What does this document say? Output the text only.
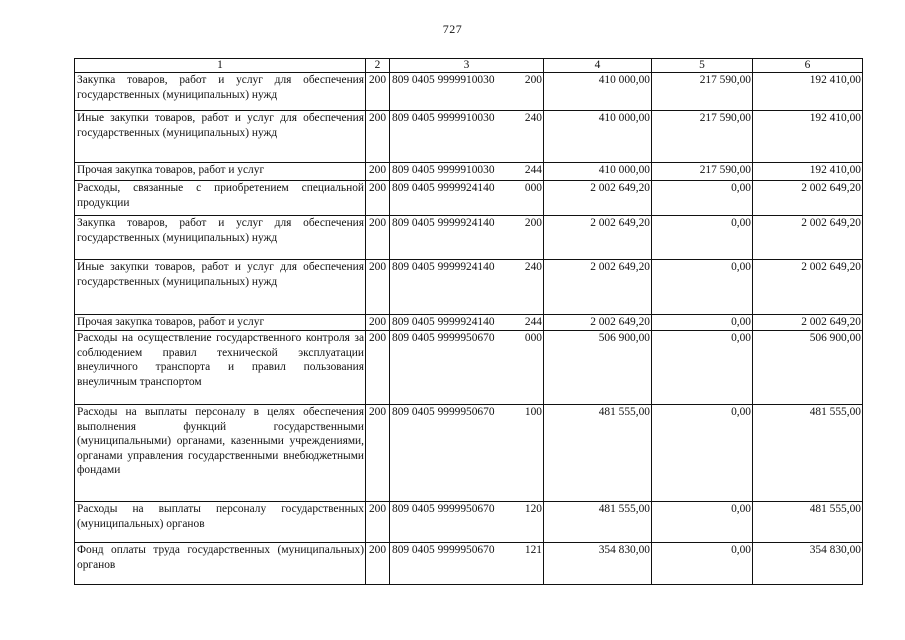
727
1	2	3	4	5	6
Закупка товаров, работ и услуг для обеспечения государственных (муниципальных) нужд	200	809 0405 9999910030 200	410 000,00	217 590,00	192 410,00
Иные закупки товаров, работ и услуг для обеспечения государственных (муниципальных) нужд	200	809 0405 9999910030 240	410 000,00	217 590,00	192 410,00
Прочая закупка товаров, работ и услуг	200	809 0405 9999910030 244	410 000,00	217 590,00	192 410,00
Расходы, связанные с приобретением специальной продукции	200	809 0405 9999924140 000	2 002 649,20	0,00	2 002 649,20
Закупка товаров, работ и услуг для обеспечения государственных (муниципальных) нужд	200	809 0405 9999924140 200	2 002 649,20	0,00	2 002 649,20
Иные закупки товаров, работ и услуг для обеспечения государственных (муниципальных) нужд	200	809 0405 9999924140 240	2 002 649,20	0,00	2 002 649,20
Прочая закупка товаров, работ и услуг	200	809 0405 9999924140 244	2 002 649,20	0,00	2 002 649,20
Расходы на осуществление государственного контроля за соблюдением правил технической эксплуатации внеуличного транспорта и правил пользования внеуличным транспортом	200	809 0405 9999950670 000	506 900,00	0,00	506 900,00
Расходы на выплаты персоналу в целях обеспечения выполнения функций государственными (муниципальными) органами, казенными учреждениями, органами управления государственными внебюджетными фондами	200	809 0405 9999950670 100	481 555,00	0,00	481 555,00
Расходы на выплаты персоналу государственных (муниципальных) органов	200	809 0405 9999950670 120	481 555,00	0,00	481 555,00
Фонд оплаты труда государственных (муниципальных) органов	200	809 0405 9999950670 121	354 830,00	0,00	354 830,00
